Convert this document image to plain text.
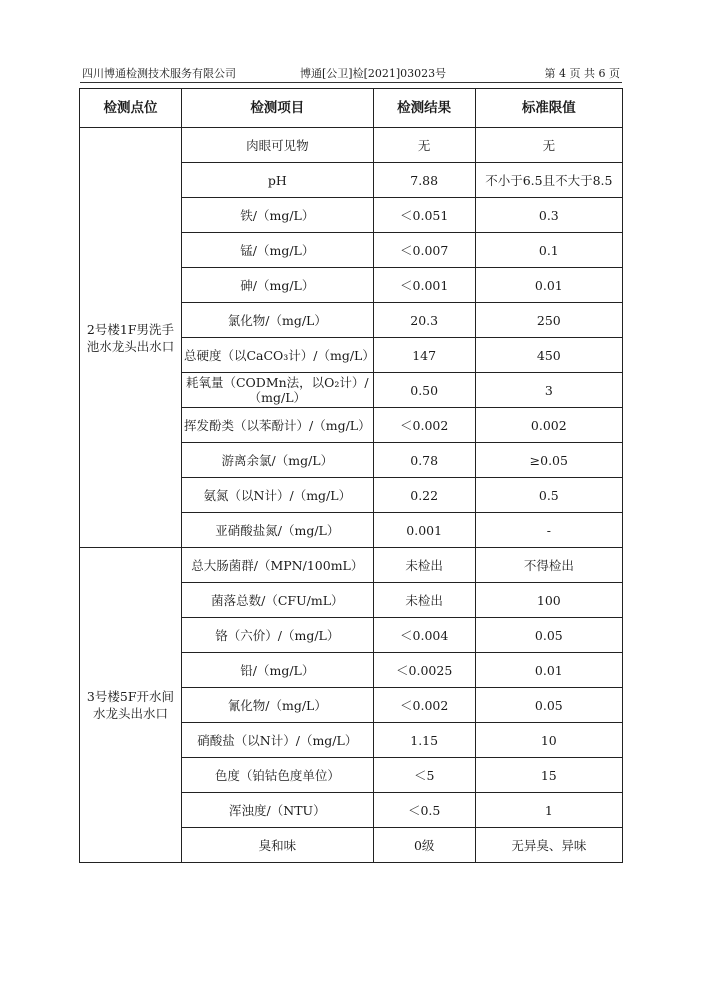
四川博通检测技术服务有限公司	博通[公卫]检[2021]03023号	第 4 页 共 6 页
检测点位	检测项目	检测结果	标准限值
2号楼1F男洗手池水龙头出水口	肉眼可见物	无	无
	pH	7.88	不小于6.5且不大于8.5
	铁/（mg/L）	＜0.051	0.3
	锰/（mg/L）	＜0.007	0.1
	砷/（mg/L）	＜0.001	0.01
	氯化物/（mg/L）	20.3	250
	总硬度（以CaCO₃计）/（mg/L）	147	450
	耗氧量（CODMn法，以O₂计）/（mg/L）	0.50	3
	挥发酚类（以苯酚计）/（mg/L）	＜0.002	0.002
	游离余氯/（mg/L）	0.78	≥0.05
	氨氮（以N计）/（mg/L）	0.22	0.5
	亚硝酸盐氮/（mg/L）	0.001	-
3号楼5F开水间水龙头出水口	总大肠菌群/（MPN/100mL）	未检出	不得检出
	菌落总数/（CFU/mL）	未检出	100
	铬（六价）/（mg/L）	＜0.004	0.05
	铅/（mg/L）	＜0.0025	0.01
	氰化物/（mg/L）	＜0.002	0.05
	硝酸盐（以N计）/（mg/L）	1.15	10
	色度（铂钴色度单位）	＜5	15
	浑浊度/（NTU）	＜0.5	1
	臭和味	0级	无异臭、异味
